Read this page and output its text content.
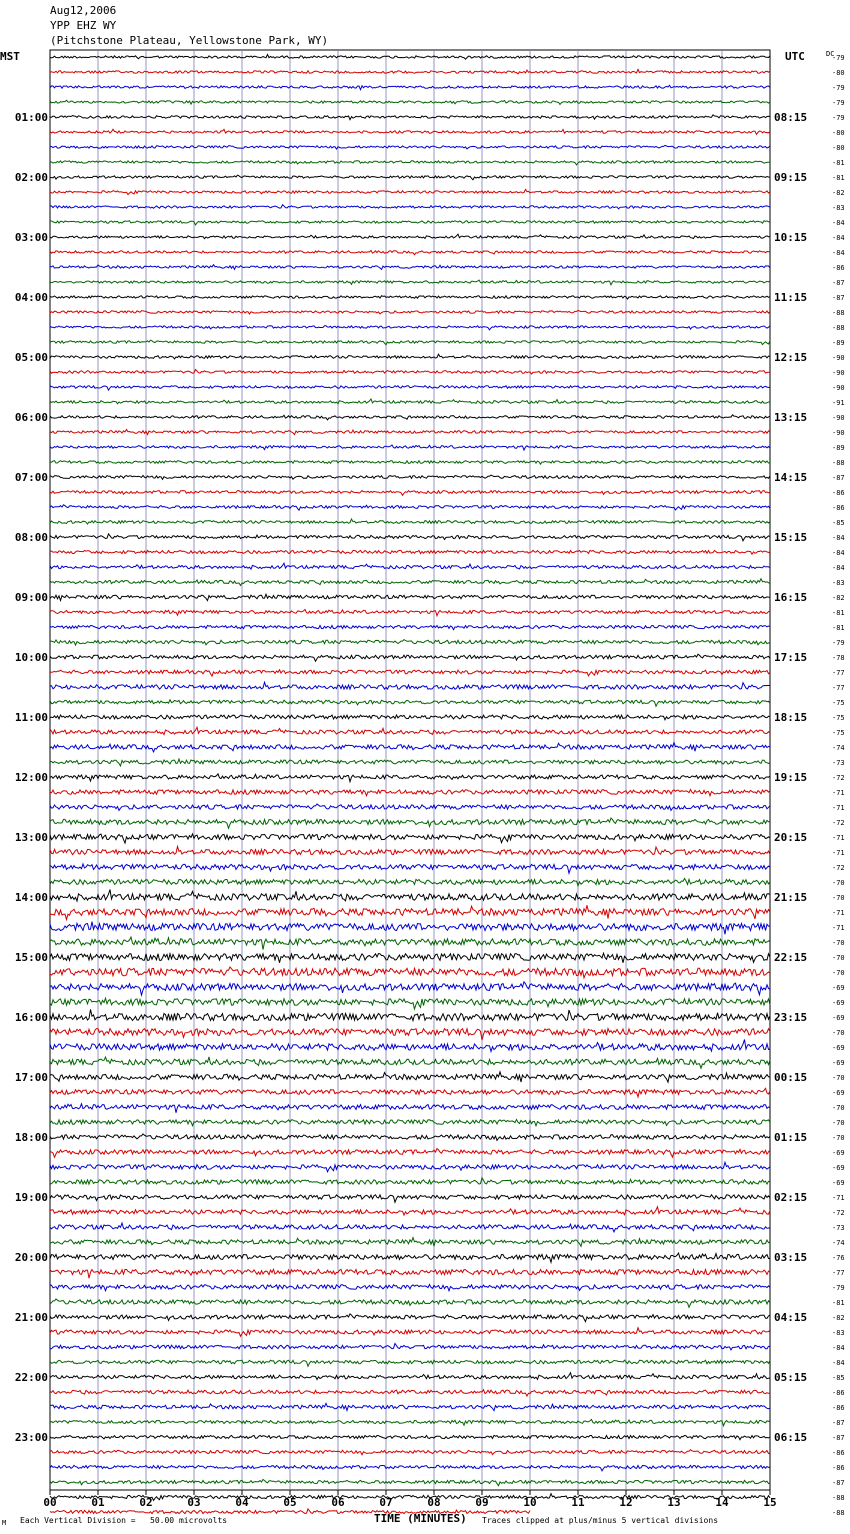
Aug12,2006
YPP EHZ WY
(Pitchstone Plateau, Yellowstone Park, WY)
MST	UTC	DC
01:00
02:00
03:00
04:00
05:00
06:00
07:00
08:00
09:00
10:00
11:00
12:00
13:00
14:00
15:00
16:00
17:00
18:00
19:00
20:00
21:00
22:00
23:00
08:15
09:15
10:15
11:15
12:15
13:15
14:15
15:15
16:15
17:15
18:15
19:15
20:15
21:15
22:15
23:15
00:15
01:15
02:15
03:15
04:15
05:15
06:15
-79
-80
-79
-79
-79
-80
-80
-81
-81
-82
-83
-84
-84
-84
-86
-87
-87
-88
-88
-89
-90
-90
-90
-91
-90
-90
-89
-88
-87
-86
-86
-85
-84
-84
-84
-83
-82
-81
-81
-79
-78
-77
-77
-75
-75
-75
-74
-73
-72
-71
-71
-72
-71
-71
-72
-70
-70
-71
-71
-70
-70
-70
-69
-69
-69
-70
-69
-69
-70
-69
-70
-70
-70
-69
-69
-69
-71
-72
-73
-74
-76
-77
-79
-81
-82
-83
-84
-84
-85
-86
-86
-87
-87
-86
-86
-87
-88
-88
00	01	02	03	04	05	06	07	08	09	10	11	12	13	14	15
TIME (MINUTES)
M Each Vertical Division =   50.00 microvolts	Traces clipped at plus/minus 5 vertical divisions
